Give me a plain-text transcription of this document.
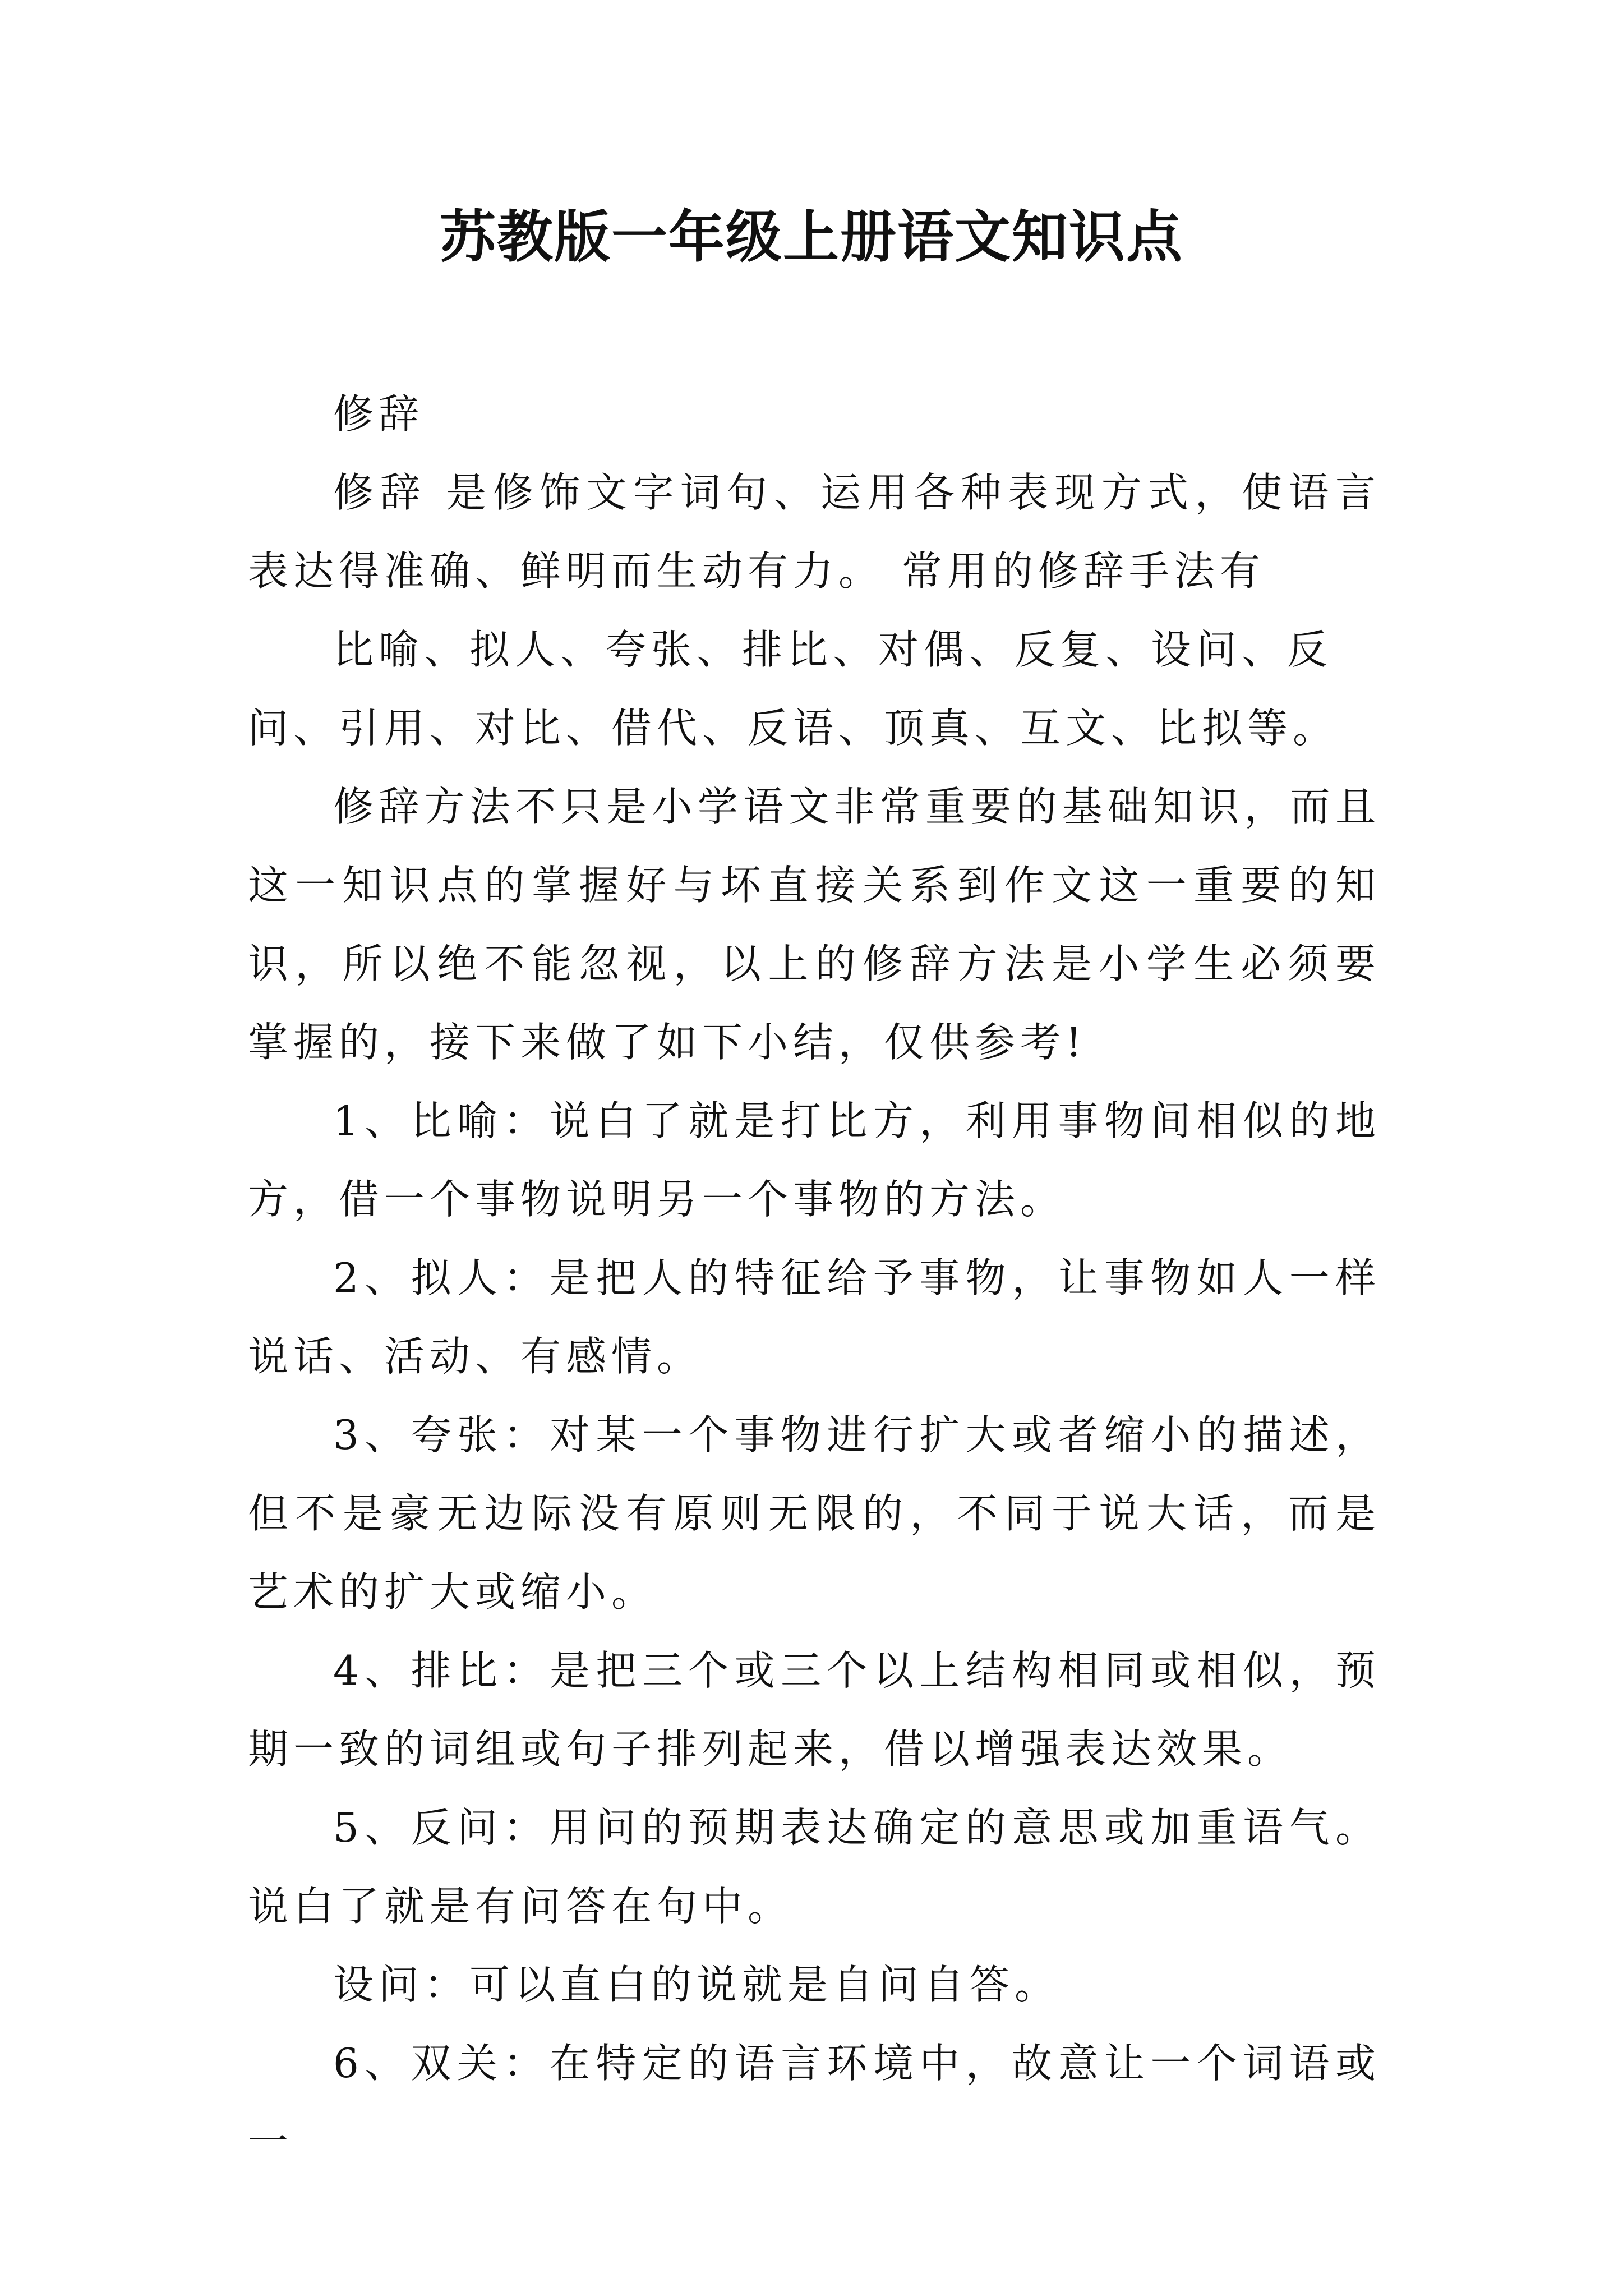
苏教版一年级上册语文知识点

修辞

修辞 是修饰文字词句、运用各种表现方式，使语言表达得准确、鲜明而生动有力。 常用的修辞手法有

比喻、拟人、夸张、排比、对偶、反复、设问、反问、引用、对比、借代、反语、顶真、互文、比拟等。

修辞方法不只是小学语文非常重要的基础知识，而且这一知识点的掌握好与坏直接关系到作文这一重要的知识，所以绝不能忽视，以上的修辞方法是小学生必须要掌握的，接下来做了如下小结，仅供参考!

1、比喻：说白了就是打比方，利用事物间相似的地方，借一个事物说明另一个事物的方法。

2、拟人：是把人的特征给予事物，让事物如人一样说话、活动、有感情。

3、夸张：对某一个事物进行扩大或者缩小的描述，但不是豪无边际没有原则无限的，不同于说大话，而是艺术的扩大或缩小。

4、排比：是把三个或三个以上结构相同或相似，预期一致的词组或句子排列起来，借以增强表达效果。

5、反问：用问的预期表达确定的意思或加重语气。说白了就是有问答在句中。

设问：可以直白的说就是自问自答。

6、双关：在特定的语言环境中，故意让一个词语或一
